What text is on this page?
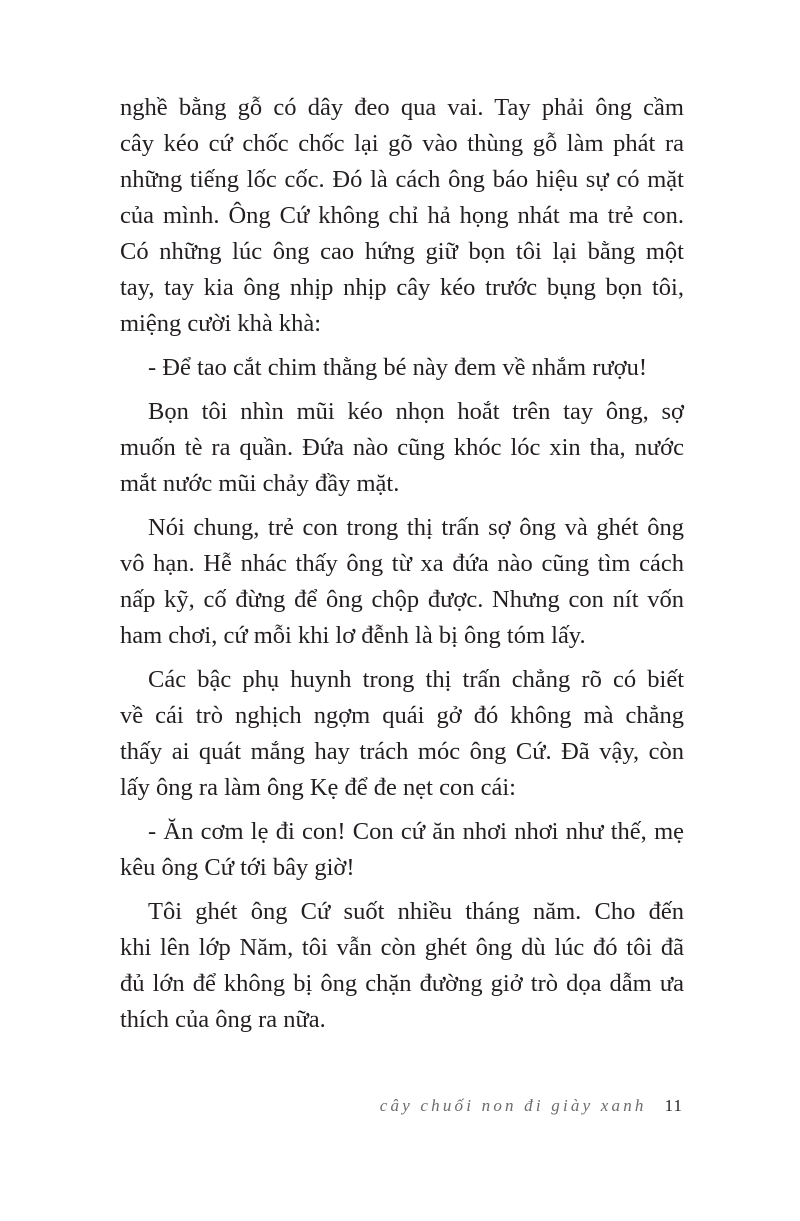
nghề bằng gỗ có dây đeo qua vai. Tay phải ông cầm
cây kéo cứ chốc chốc lại gõ vào thùng gỗ làm phát ra
những tiếng lốc cốc. Đó là cách ông báo hiệu sự có mặt
của mình. Ông Cứ không chỉ hả họng nhát ma trẻ con.
Có những lúc ông cao hứng giữ bọn tôi lại bằng một
tay, tay kia ông nhịp nhịp cây kéo trước bụng bọn tôi,
miệng cười khà khà:
- Để tao cắt chim thằng bé này đem về nhắm rượu!
Bọn tôi nhìn mũi kéo nhọn hoắt trên tay ông, sợ
muốn tè ra quần. Đứa nào cũng khóc lóc xin tha, nước
mắt nước mũi chảy đầy mặt.
Nói chung, trẻ con trong thị trấn sợ ông và ghét ông
vô hạn. Hễ nhác thấy ông từ xa đứa nào cũng tìm cách
nấp kỹ, cố đừng để ông chộp được. Nhưng con nít vốn
ham chơi, cứ mỗi khi lơ đễnh là bị ông tóm lấy.
Các bậc phụ huynh trong thị trấn chẳng rõ có biết
về cái trò nghịch ngợm quái gở đó không mà chẳng
thấy ai quát mắng hay trách móc ông Cứ. Đã vậy, còn
lấy ông ra làm ông Kẹ để đe nẹt con cái:
- Ăn cơm lẹ đi con! Con cứ ăn nhơi nhơi như thế, mẹ
kêu ông Cứ tới bây giờ!
Tôi ghét ông Cứ suốt nhiều tháng năm. Cho đến
khi lên lớp Năm, tôi vẫn còn ghét ông dù lúc đó tôi đã
đủ lớn để không bị ông chặn đường giở trò dọa dẫm ưa
thích của ông ra nữa.
cây chuối non đi giày xanh 11
